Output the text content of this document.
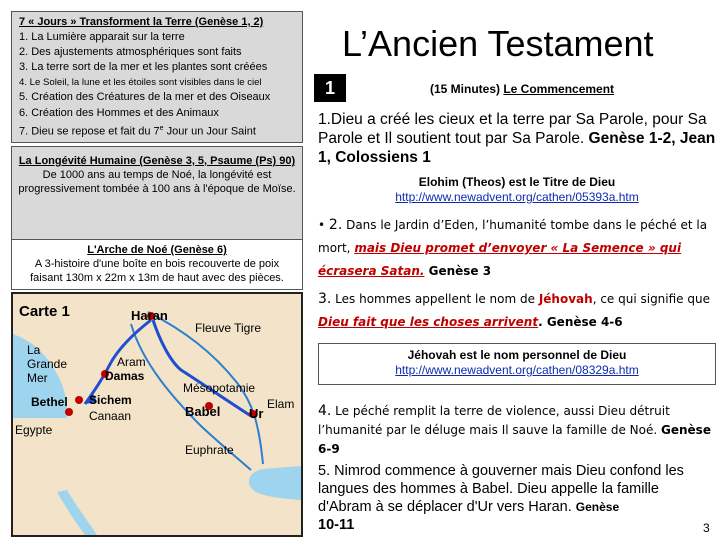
7 « Jours » Transforment la Terre (Genèse 1, 2)
1. La Lumière apparait sur la terre
2. Des ajustements atmosphériques sont faits
3. La terre sort de la mer et les plantes sont créées
4. Le Soleil, la lune et les étoiles sont visibles dans le ciel
5. Création des Créatures de la mer et des Oiseaux
6. Création des Hommes et des Animaux
7. Dieu se repose et fait du 7e Jour un Jour Saint
La Longévité Humaine (Genèse 3, 5, Psaume (Ps) 90)
De 1000 ans au temps de Noé, la longévité est progressivement tombée à 100 ans à l'époque de Moïse.
L'Arche de Noé (Genèse 6)
A 3-histoire d'une boîte en bois recouverte de poix faisant 130m x 22m x 13m de haut avec des pièces.
Carte 1	Haran
Fleuve Tigre
La
Grande
Mer
Aram
Damas
Mésopotamie
Bethel Sichem
Canaan	Babel Ur
Elam
Egypte
Euphrate
L’Ancien Testament
1	(15 Minutes) Le Commencement
1.Dieu a créé les cieux et la terre par Sa Parole, pour Sa Parole et Il soutient tout par Sa Parole. Genèse 1-2, Jean 1, Colossiens 1
Elohim (Theos) est le Titre de Dieu
http://www.newadvent.org/cathen/05393a.htm
• 2. Dans le Jardin d’Eden, l’humanité tombe dans le péché et la mort, mais Dieu promet d’envoyer « La Semence » qui écrasera Satan. Genèse 3
3. Les hommes appellent le nom de Jéhovah, ce qui signifie que Dieu fait que les choses arrivent. Genèse 4-6
Jéhovah est le nom personnel de Dieu
http://www.newadvent.org/cathen/08329a.htm
4. Le péché remplit la terre de violence, aussi Dieu détruit l’humanité par le déluge mais Il sauve la famille de Noé. Genèse 6-9
5. Nimrod commence à gouverner mais Dieu confond les langues des hommes à Babel. Dieu appelle la famille d'Abram à se déplacer d'Ur vers Haran. Genèse
10-11	3
